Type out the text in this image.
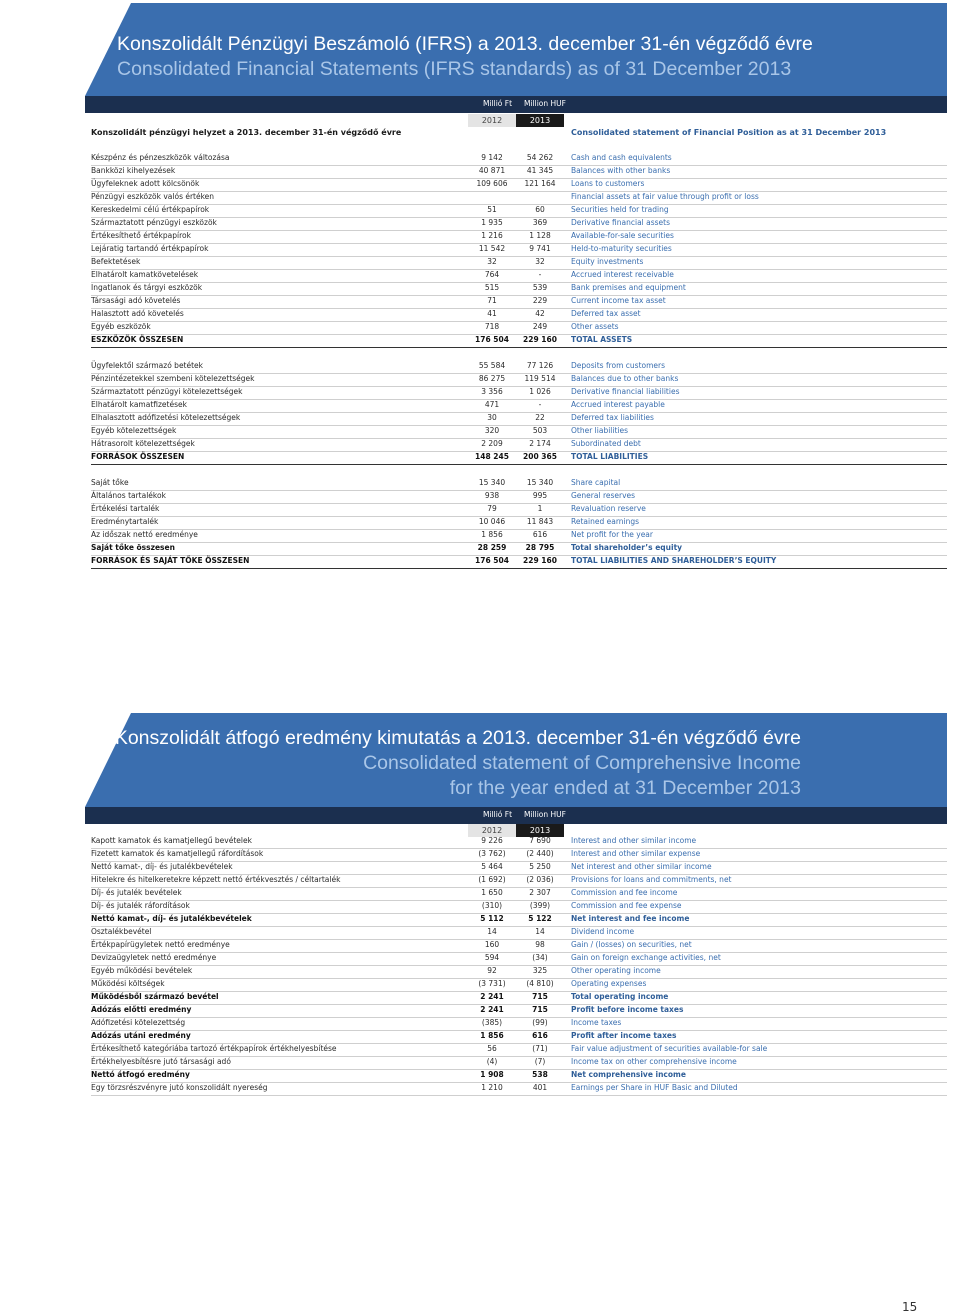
Konszolidált Pénzügyi Beszámoló (IFRS) a 2013. december 31-én végződő évre
Consolidated Financial Statements (IFRS standards) as of 31 December 2013
Millió Ft Million HUF
2012	2013
Konszolidált pénzügyi helyzet a 2013. december 31-én végződő évre	Consolidated statement of Financial Position as at 31 December 2013
Készpénz és pénzeszközök változása	9 142	54 262	Cash and cash equivalents
Bankközi kihelyezések	40 871	41 345	Balances with other banks
Ügyfeleknek adott kölcsönök	109 606	121 164	Loans to customers
Pénzügyi eszközök valós értéken	Financial assets at fair value through profit or loss
Kereskedelmi célú értékpapírok	51	60	Securities held for trading
Származtatott pénzügyi eszközök	1 935	369	Derivative financial assets
Értékesíthető értékpapírok	1 216	1 128	Available-for-sale securities
Lejáratig tartandó értékpapírok	11 542	9 741	Held-to-maturity securities
Befektetések	32	32	Equity investments
Elhatárolt kamatkövetelések	764	-	Accrued interest receivable
Ingatlanok és tárgyi eszközök	515	539	Bank premises and equipment
Társasági adó követelés	71	229	Current income tax asset
Halasztott adó követelés	41	42	Deferred tax asset
Egyéb eszközök	718	249	Other assets
ESZKÖZÖK ÖSSZESEN	176 504	229 160	TOTAL ASSETS
Ügyfelektől származó betétek	55 584	77 126	Deposits from customers
Pénzintézetekkel szembeni kötelezettségek	86 275	119 514	Balances due to other banks
Származtatott pénzügyi kötelezettségek	3 356	1 026	Derivative financial liabilities
Elhatárolt kamatfizetések	471	-	Accrued interest payable
Elhalasztott adófizetési kötelezettségek	30	22	Deferred tax liabilities
Egyéb kötelezettségek	320	503	Other liabilities
Hátrasorolt kötelezettségek	2 209	2 174	Subordinated debt
FORRÁSOK ÖSSZESEN	148 245	200 365	TOTAL LIABILITIES
Saját tőke	15 340	15 340	Share capital
Általános tartalékok	938	995	General reserves
Értékelési tartalék	79	1	Revaluation reserve
Eredménytartalék	10 046	11 843	Retained earnings
Az időszak nettó eredménye	1 856	616	Net profit for the year
Saját tőke összesen	28 259	28 795	Total shareholder’s equity
FORRÁSOK ÉS SAJÁT TŐKE ÖSSZESEN	176 504	229 160	TOTAL LIABILITIES AND SHAREHOLDER’S EQUITY
Konszolidált átfogó eredmény kimutatás a 2013. december 31-én végződő évre
Consolidated statement of Comprehensive Income
for the year ended at 31 December 2013
Millió Ft Million HUF
2012	2013
Kapott kamatok és kamatjellegű bevételek	9 226	7 690	Interest and other similar income
Fizetett kamatok és kamatjellegű ráfordítások	(3 762)	(2 440)	Interest and other similar expense
Nettó kamat-, díj- és jutalékbevételek	5 464	5 250	Net interest and other similar income
Hitelekre és hitelkeretekre képzett nettó értékvesztés / céltartalék	(1 692)	(2 036)	Provisions for loans and commitments, net
Díj- és jutalék bevételek	1 650	2 307	Commission and fee income
Díj- és jutalék ráfordítások	(310)	(399)	Commission and fee expense
Nettó kamat-, díj- és jutalékbevételek	5 112	5 122	Net interest and fee income
Osztalékbevétel	14	14	Dividend income
Értékpapírügyletek nettó eredménye	160	98	Gain / (losses) on securities, net
Devizaügyletek nettó eredménye	594	(34)	Gain on foreign exchange activities, net
Egyéb működési bevételek	92	325	Other operating income
Működési költségek	(3 731)	(4 810)	Operating expenses
Működésből származó bevétel	2 241	715	Total operating income
Adózás előtti eredmény	2 241	715	Profit before income taxes
Adófizetési kötelezettség	(385)	(99)	Income taxes
Adózás utáni eredmény	1 856	616	Profit after income taxes
Értékesíthető kategóriába tartozó értékpapírok értékhelyesbítése	56	(71)	Fair value adjustment of securities available-for sale
Értékhelyesbítésre jutó társasági adó	(4)	(7)	Income tax on other comprehensive income
Nettó átfogó eredmény	1 908	538	Net comprehensive income
Egy törzsrészvényre jutó konszolidált nyereség	1 210	401	Earnings per Share in HUF Basic and Diluted
15
